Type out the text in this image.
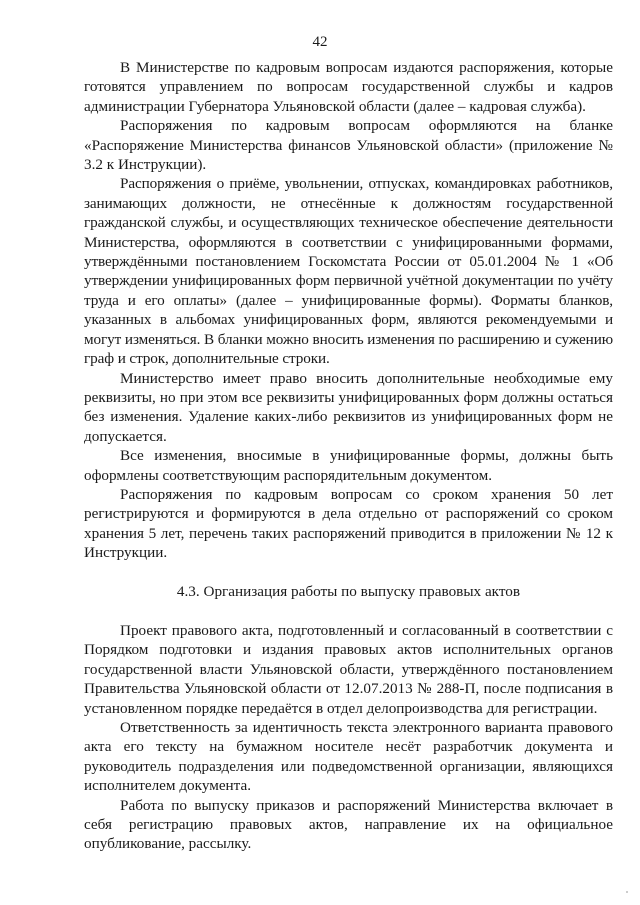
42

В Министерстве по кадровым вопросам издаются распоряжения, которые готовятся управлением по вопросам государственной службы и кадров администрации Губернатора Ульяновской области (далее – кадровая служба).

Распоряжения по кадровым вопросам оформляются на бланке «Распоряжение Министерства финансов Ульяновской области» (приложение № 3.2 к Инструкции).

Распоряжения о приёме, увольнении, отпусках, командировках работников, занимающих должности, не отнесённые к должностям государственной гражданской службы, и осуществляющих техническое обеспечение деятельности Министерства, оформляются в соответствии с унифицированными формами, утверждёнными постановлением Госкомстата России от 05.01.2004 № 1 «Об утверждении унифицированных форм первичной учётной документации по учёту труда и его оплаты» (далее – унифицированные формы). Форматы бланков, указанных в альбомах унифицированных форм, являются рекомендуемыми и могут изменяться. В бланки можно вносить изменения по расширению и сужению граф и строк, дополнительные строки.

Министерство имеет право вносить дополнительные необходимые ему реквизиты, но при этом все реквизиты унифицированных форм должны остаться без изменения. Удаление каких-либо реквизитов из унифицированных форм не допускается.

Все изменения, вносимые в унифицированные формы, должны быть оформлены соответствующим распорядительным документом.

Распоряжения по кадровым вопросам со сроком хранения 50 лет регистрируются и формируются в дела отдельно от распоряжений со сроком хранения 5 лет, перечень таких распоряжений приводится в приложении № 12 к Инструкции.

4.3. Организация работы по выпуску правовых актов

Проект правового акта, подготовленный и согласованный в соответствии с Порядком подготовки и издания правовых актов исполнительных органов государственной власти Ульяновской области, утверждённого постановлением Правительства Ульяновской области от 12.07.2013 № 288-П, после подписания в установленном порядке передаётся в отдел делопроизводства для регистрации.

Ответственность за идентичность текста электронного варианта правового акта его тексту на бумажном носителе несёт разработчик документа и руководитель подразделения или подведомственной организации, являющихся исполнителем документа.

Работа по выпуску приказов и распоряжений Министерства включает в себя регистрацию правовых актов, направление их на официальное опубликование, рассылку.
